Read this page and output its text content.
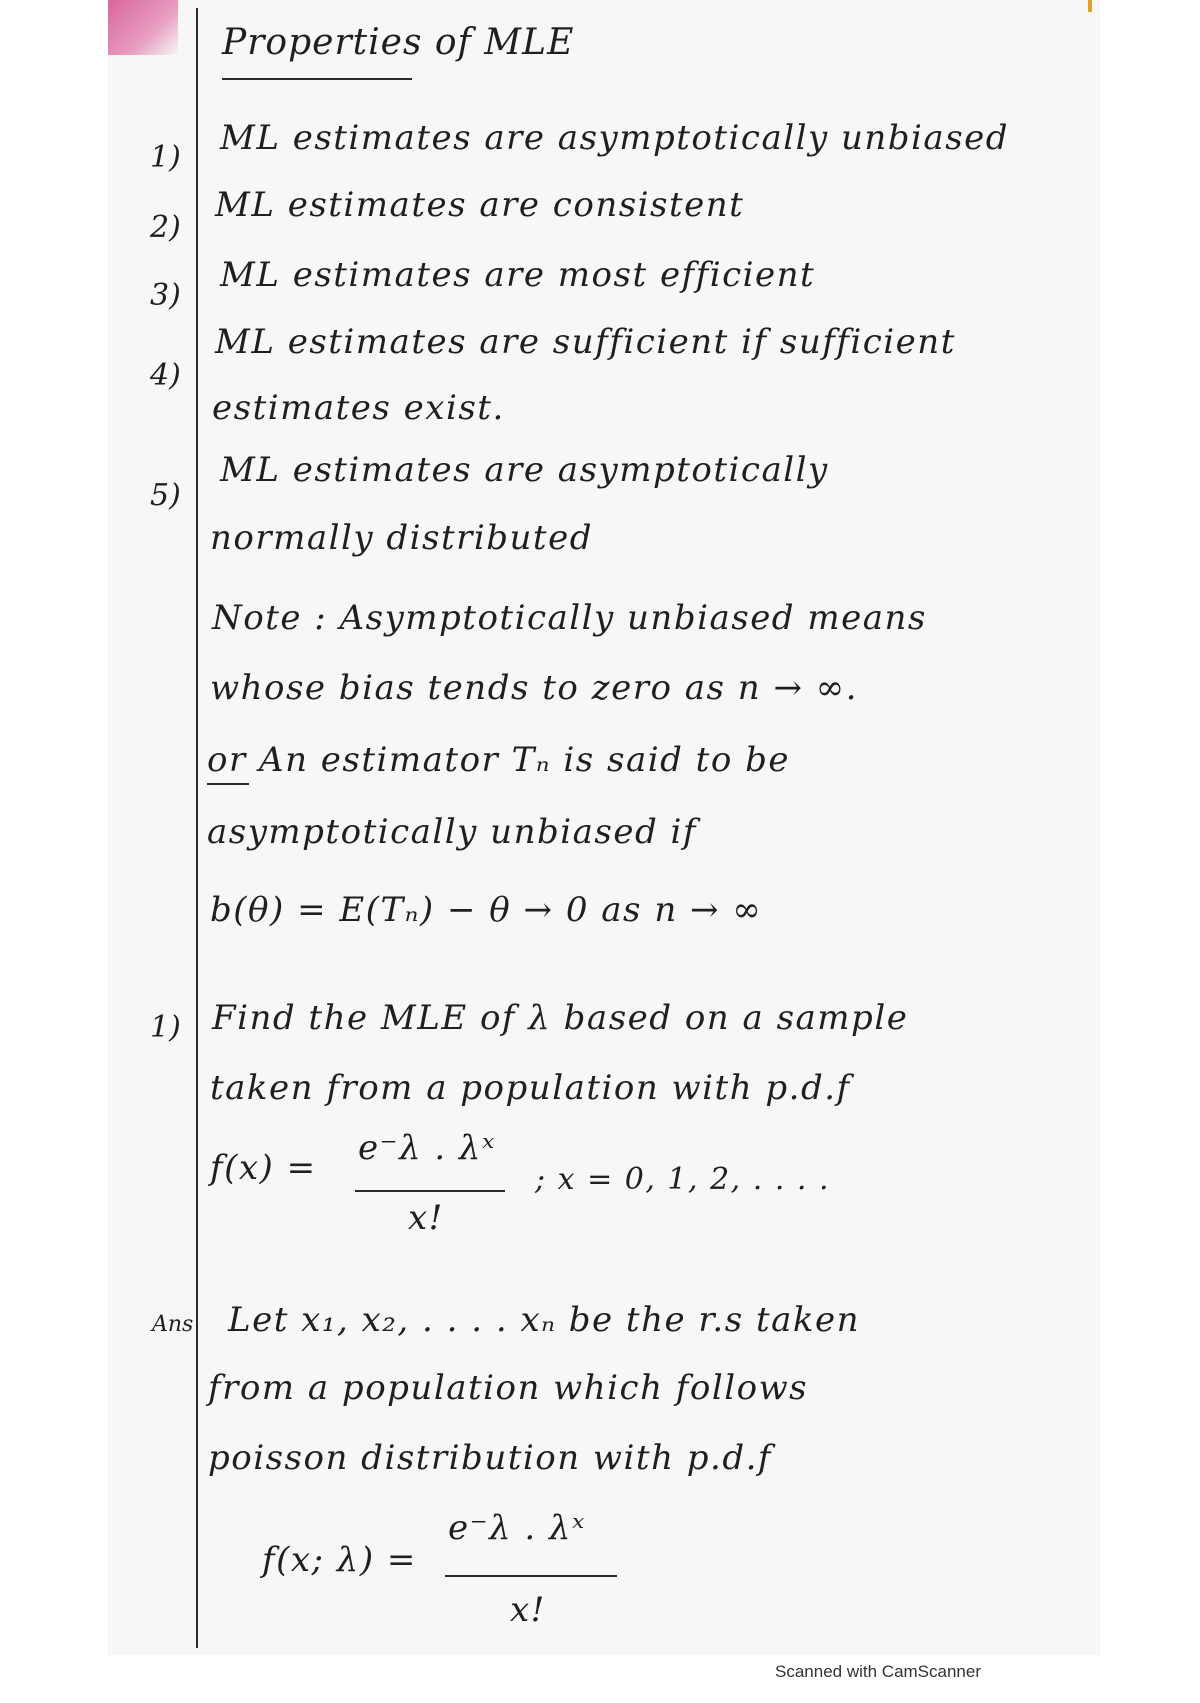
Properties of MLE
1) ML estimates are asymptotically unbiased
2)
ML estimates are consistent
3)
ML estimates are most efficient
4)
ML estimates are sufficient if sufficient
estimates exist.
5)
ML estimates are asymptotically
normally distributed
Note : Asymptotically unbiased means
whose bias tends to zero as n → ∞.
or An estimator Tₙ is said to be
asymptotically unbiased if
b(θ) = E(Tₙ) − θ → 0 as n → ∞
1) Find the MLE of λ based on a sample
taken from a population with p.d.f
f(x) = e⁻λ . λˣ
x!
; x = 0, 1, 2, . . . .
Ans Let x₁, x₂, . . . . xₙ be the r.s taken
from a population which follows
poisson distribution with p.d.f
f(x; λ) =
e⁻λ . λˣ
x!
Scanned with CamScanner
